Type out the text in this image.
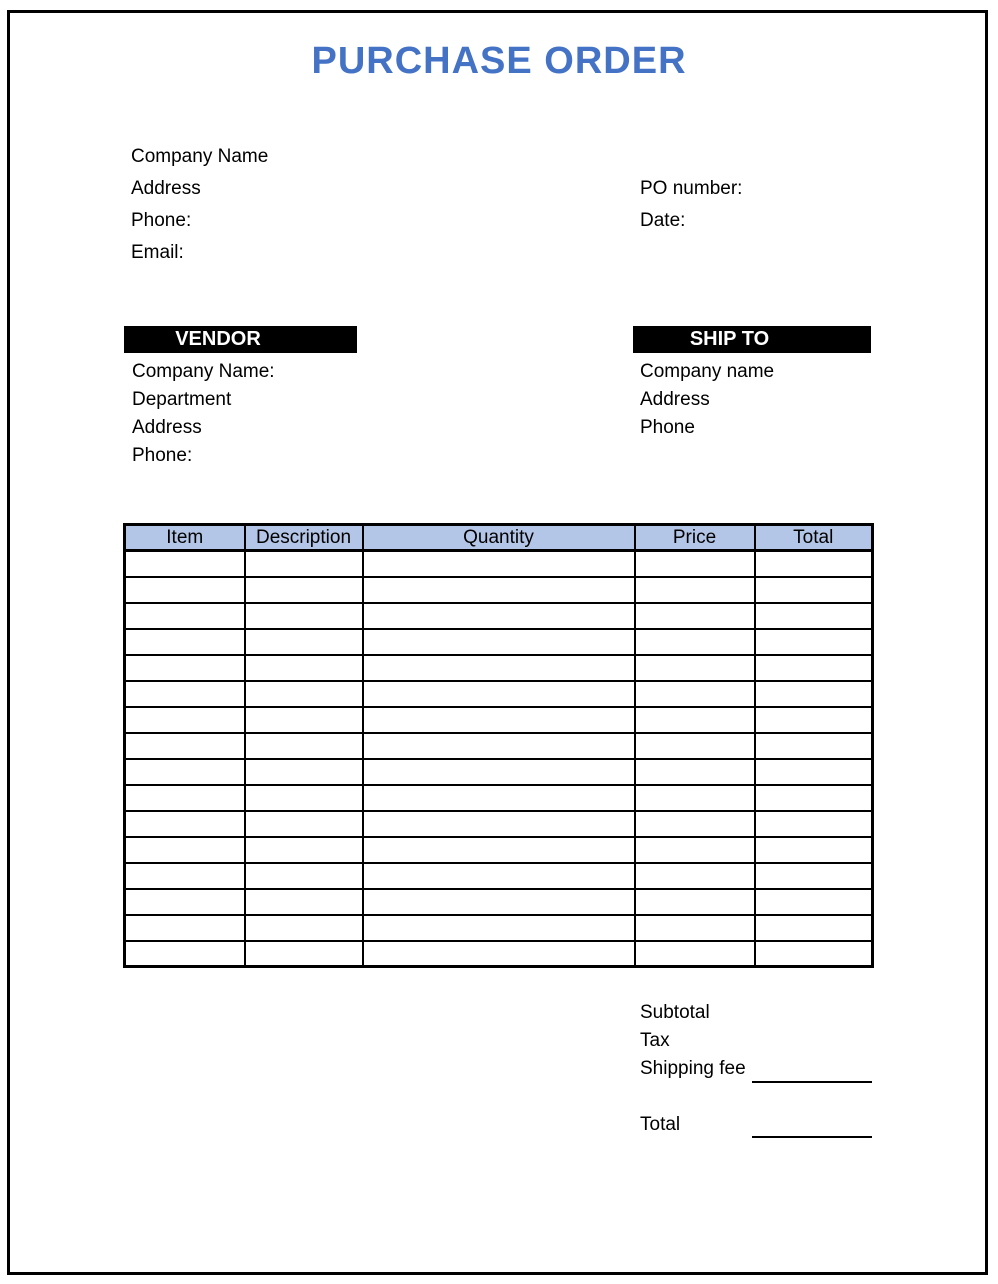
PURCHASE ORDER
Company Name
Address
Phone:
Email:
PO number:
Date:
VENDOR
Company Name:
Department
Address
Phone:
SHIP TO
Company name
Address
Phone
Item	Description	Quantity	Price	Total

Subtotal
Tax
Shipping fee
Total
